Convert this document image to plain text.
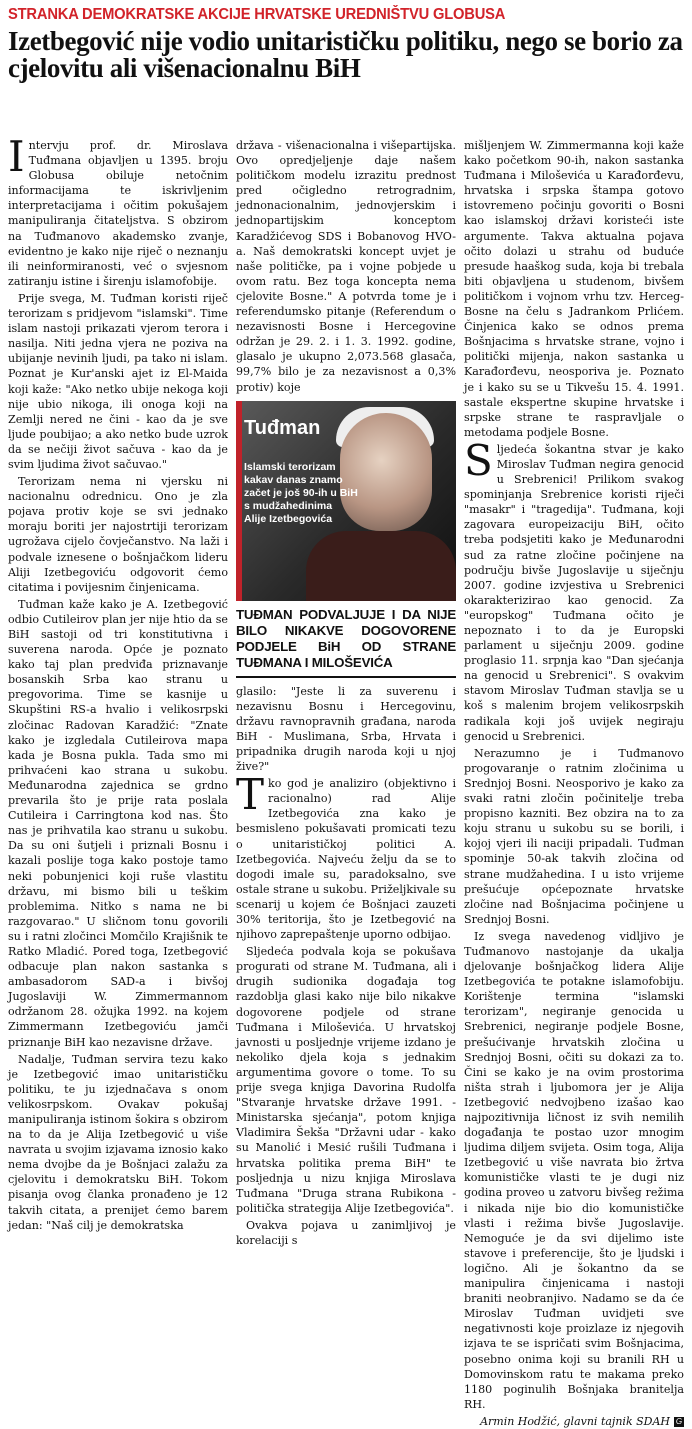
STRANKA DEMOKRATSKE AKCIJE HRVATSKE UREDNIŠTVU GLOBUSA
Izetbegović nije vodio unitarističku politiku, nego se borio za cjelovitu ali višenacionalnu BiH

Intervju prof. dr. Miroslava Tuđmana objavljen u 1395. broju Globusa obiluje netočnim informacijama te iskrivljenim interpretacijama i očitim pokušajem manipuliranja čitateljstva. S obzirom na Tuđmanovo akademsko zvanje, evidentno je kako nije riječ o neznanju ili neinformiranosti, već o svjesnom zatiranju istine i širenju islamofobije.

Prije svega, M. Tuđman koristi riječ terorizam s pridjevom "islamski". Time islam nastoji prikazati vjerom terora i nasilja. Niti jedna vjera ne poziva na ubijanje nevinih ljudi, pa tako ni islam. Poznat je Kur'anski ajet iz El-Maida koji kaže: "Ako netko ubije nekoga koji nije ubio nikoga, ili onoga koji na Zemlji nered ne čini - kao da je sve ljude poubijao; a ako netko bude uzrok da se nečiji život sačuva - kao da je svim ljudima život sačuvao."

Terorizam nema ni vjersku ni nacionalnu odrednicu. Ono je zla pojava protiv koje se svi jednako moraju boriti jer najostrtiji terorizam ugrožava cijelo čovječanstvo. Na laži i podvale iznesene o bošnjačkom lideru Aliji Izetbegoviću odgovorit ćemo citatima i povijesnim činjenicama.

Tuđman kaže kako je A. Izetbegović odbio Cutileirov plan jer nije htio da se BiH sastoji od tri konstitutivna i suverena naroda. Opće je poznato kako taj plan predviđa priznavanje bosanskih Srba kao stranu u pregovorima. Time se kasnije u Skupštini RS-a hvalio i velikosrpski zločinac Radovan Karadžić: "Znate kako je izgledala Cutileirova mapa kada je Bosna pukla. Tada smo mi prihvaćeni kao strana u sukobu. Međunarodna zajednica se grdno prevarila što je prije rata poslala Cutileira i Carringtona kod nas. Što nas je prihvatila kao stranu u sukobu. Da su oni šutjeli i priznali Bosnu i kazali poslije toga kako postoje tamo neki pobunjenici koji ruše vlastitu državu, mi bismo bili u teškim problemima. Nitko s nama ne bi razgovarao." U sličnom tonu govorili su i ratni zločinci Momčilo Krajišnik te Ratko Mladić. Pored toga, Izetbegović odbacuje plan nakon sastanka s ambasadorom SAD-a i bivšoj Jugoslaviji W. Zimmermannom održanom 28. ožujka 1992. na kojem Zimmermann Izetbegoviću jamči priznanje BiH kao nezavisne države.

Nadalje, Tuđman servira tezu kako je Izetbegović imao unitarističku politiku, te ju izjednačava s onom velikosrpskom. Ovakav pokušaj manipuliranja istinom šokira s obzirom na to da je Alija Izetbegović u više navrata u svojim izjavama iznosio kako nema dvojbe da je Bošnjaci zalažu za cjelovitu i demokratsku BiH. Tokom pisanja ovog članka pronađeno je 12 takvih citata, a prenijet ćemo barem jedan: "Naš cilj je demokratska

država - višenacionalna i višepartijska. Ovo opredjeljenje daje našem političkom modelu izrazitu prednost pred očigledno retrogradnim, jednonacionalnim, jednovjerskim i jednopartijskim konceptom Karadžićevog SDS i Bobanovog HVO-a. Naš demokratski koncept uvjet je naše političke, pa i vojne pobjede u ovom ratu. Bez toga koncepta nema cjelovite Bosne." A potvrda tome je i referendumsko pitanje (Referendum o nezavisnosti Bosne i Hercegovine održan je 29. 2. i 1. 3. 1992. godine, glasalo je ukupno 2,073.568 glasača, 99,7% bilo je za nezavisnost a 0,3% protiv) koje

Tuđman
Islamski terorizam
kakav danas znamo
začet je još 90-ih u BiH
s mudžahedinima
Alije Izetbegovića
TUĐMAN PODVALJUJE I DA NIJE BILO NIKAKVE DOGOVORENE PODJELE BiH OD STRANE TUĐMANA I MILOŠEVIĆA

glasilo: "Jeste li za suverenu i nezavisnu Bosnu i Hercegovinu, državu ravnopravnih građana, naroda BiH - Muslimana, Srba, Hrvata i pripadnika drugih naroda koji u njoj žive?"

Tko god je analiziro (objektivno i racionalno) rad Alije Izetbegovića zna kako je besmisleno pokušavati promicati tezu o unitarističkoj politici A. Izetbegovića. Najveću želju da se to dogodi imale su, paradoksalno, sve ostale strane u sukobu. Priželjkivale su scenarij u kojem će Bošnjaci zauzeti 30% teritorija, što je Izetbegović na njihovo zaprepaštenje uporno odbijao.

Sljedeća podvala koja se pokušava progurati od strane M. Tuđmana, ali i drugih sudionika događaja tog razdoblja glasi kako nije bilo nikakve dogovorene podjele od strane Tuđmana i Miloševića. U hrvatskoj javnosti u posljednje vrijeme izdano je nekoliko djela koja s jednakim argumentima govore o tome. To su prije svega knjiga Davorina Rudolfa "Stvaranje hrvatske države 1991. - Ministarska sjećanja", potom knjiga Vladimira Šekša "Državni udar - kako su Manolić i Mesić rušili Tuđmana i hrvatska politika prema BiH" te posljednja u nizu knjiga Miroslava Tuđmana "Druga strana Rubikona - politička strategija Alije Izetbegovića".

Ovakva pojava u zanimljivoj je korelaciji s

mišljenjem W. Zimmermanna koji kaže kako početkom 90-ih, nakon sastanka Tuđmana i Miloševića u Karađorđevu, hrvatska i srpska štampa gotovo istovremeno počinju govoriti o Bosni kao islamskoj državi koristeći iste argumente. Takva aktualna pojava očito dolazi u strahu od buduće presude haaškog suda, koja bi trebala biti objavljena u studenom, bivšem političkom i vojnom vrhu tzv. Herceg-Bosne na čelu s Jadrankom Prlićem. Činjenica kako se odnos prema Bošnjacima s hrvatske strane, vojno i politički mijenja, nakon sastanka u Karađorđevu, neosporiva je. Poznato je i kako su se u Tikvešu 15. 4. 1991. sastale ekspertne skupine hrvatske i srpske strane te raspravljale o metodama podjele Bosne.

Sljedeća šokantna stvar je kako Miroslav Tuđman negira genocid u Srebrenici! Prilikom svakog spominjanja Srebrenice koristi riječi "masakr" i "tragedija". Tuđmana, koji zagovara europeizaciju BiH, očito treba podsjetiti kako je Međunarodni sud za ratne zločine počinjene na području bivše Jugoslavije u siječnju 2007. godine izvjestiva u Srebrenici okarakterizirao kao genocid. Za "europskog" Tuđmana očito je nepoznato i to da je Europski parlament u siječnju 2009. godine proglasio 11. srpnja kao "Dan sjećanja na genocid u Srebrenici". S ovakvim stavom Miroslav Tuđman stavlja se u koš s malenim brojem velikosrpskih radikala koji još uvijek negiraju genocid u Srebrenici.

Nerazumno je i Tuđmanovo progovaranje o ratnim zločinima u Srednjoj Bosni. Neosporivo je kako za svaki ratni zločin počinitelje treba propisno kazniti. Bez obzira na to za koju stranu u sukobu su se borili, i kojoj vjeri ili naciji pripadali. Tuđman spominje 50-ak takvih zločina od strane mudžahedina. I u isto vrijeme prešućuje općepoznate hrvatske zločine nad Bošnjacima počinjene u Srednjoj Bosni.

Iz svega navedenog vidljivo je Tuđmanovo nastojanje da ukalja djelovanje bošnjačkog lidera Alije Izetbegovića te potakne islamofobiju. Korištenje termina "islamski terorizam", negiranje genocida u Srebrenici, negiranje podjele Bosne, prešućivanje hrvatskih zločina u Srednjoj Bosni, očiti su dokazi za to. Čini se kako je na ovim prostorima ništa strah i ljubomora jer je Alija Izetbegović nedvojbeno izašao kao najpozitivnija ličnost iz svih nemilih događanja te postao uzor mnogim ljudima diljem svijeta. Osim toga, Alija Izetbegović u više navrata bio žrtva komunističke vlasti te je dugi niz godina proveo u zatvoru bivšeg režima i nikada nije bio dio komunističke vlasti i režima bivše Jugoslavije. Nemoguće je da svi dijelimo iste stavove i preferencije, što je ljudski i logično. Ali je šokantno da se manipulira činjenicama i nastoji braniti neobranjivo. Nadamo se da će Miroslav Tuđman uvidjeti sve negativnosti koje proizlaze iz njegovih izjava te se ispričati svim Bošnjacima, posebno onima koji su branili RH u Domovinskom ratu te makama preko 1180 poginulih Bošnjaka branitelja RH.

Armin Hodžić, glavni tajnik SDAH G
